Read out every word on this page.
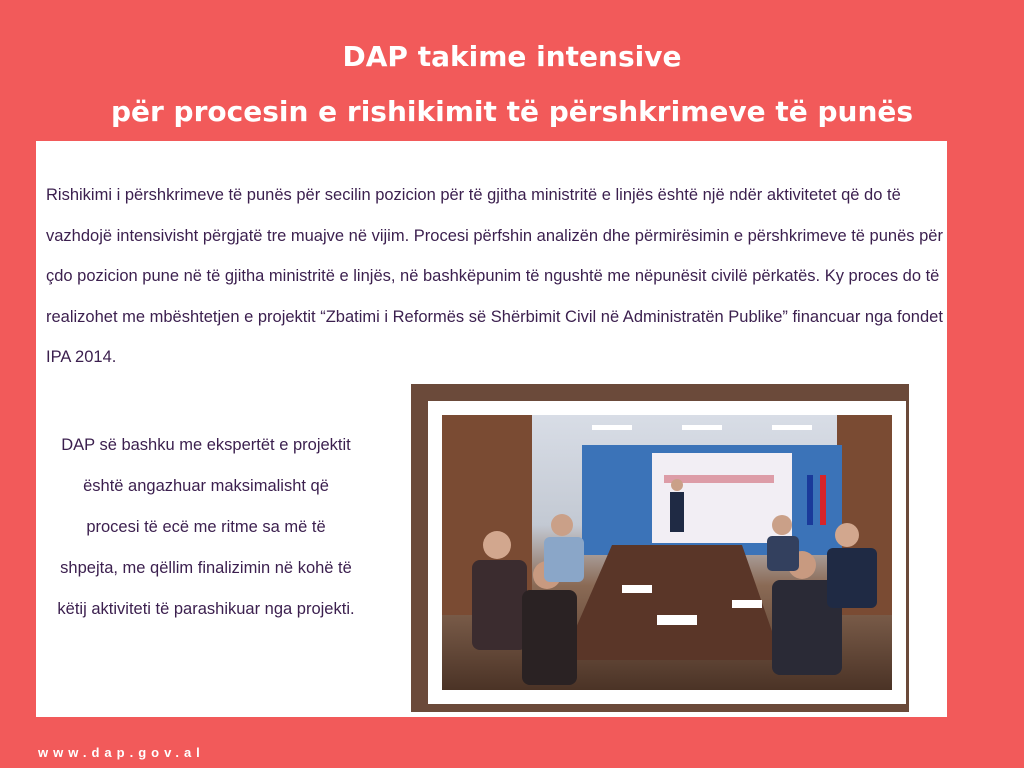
DAP takime intensive
për procesin e rishikimit të përshkrimeve të punës

Rishikimi i përshkrimeve të punës për secilin pozicion për të gjitha ministritë e linjës është një ndër aktivitetet që do të vazhdojë intensivisht përgjatë tre muajve në vijim. Procesi përfshin analizën dhe përmirësimin e përshkrimeve të punës për çdo pozicion pune në të gjitha ministritë e linjës, në bashkëpunim të ngushtë me nëpunësit civilë përkatës. Ky proces do të realizohet me mbështetjen e projektit “Zbatimi i Reformës së Shërbimit Civil në Administratën Publike” financuar nga fondet IPA 2014.

DAP së bashku me ekspertët e projektit është angazhuar maksimalisht që procesi të ecë me ritme sa më të shpejta, me qëllim finalizimin në kohë të këtij aktiviteti të parashikuar nga projekti.

www.dap.gov.al
